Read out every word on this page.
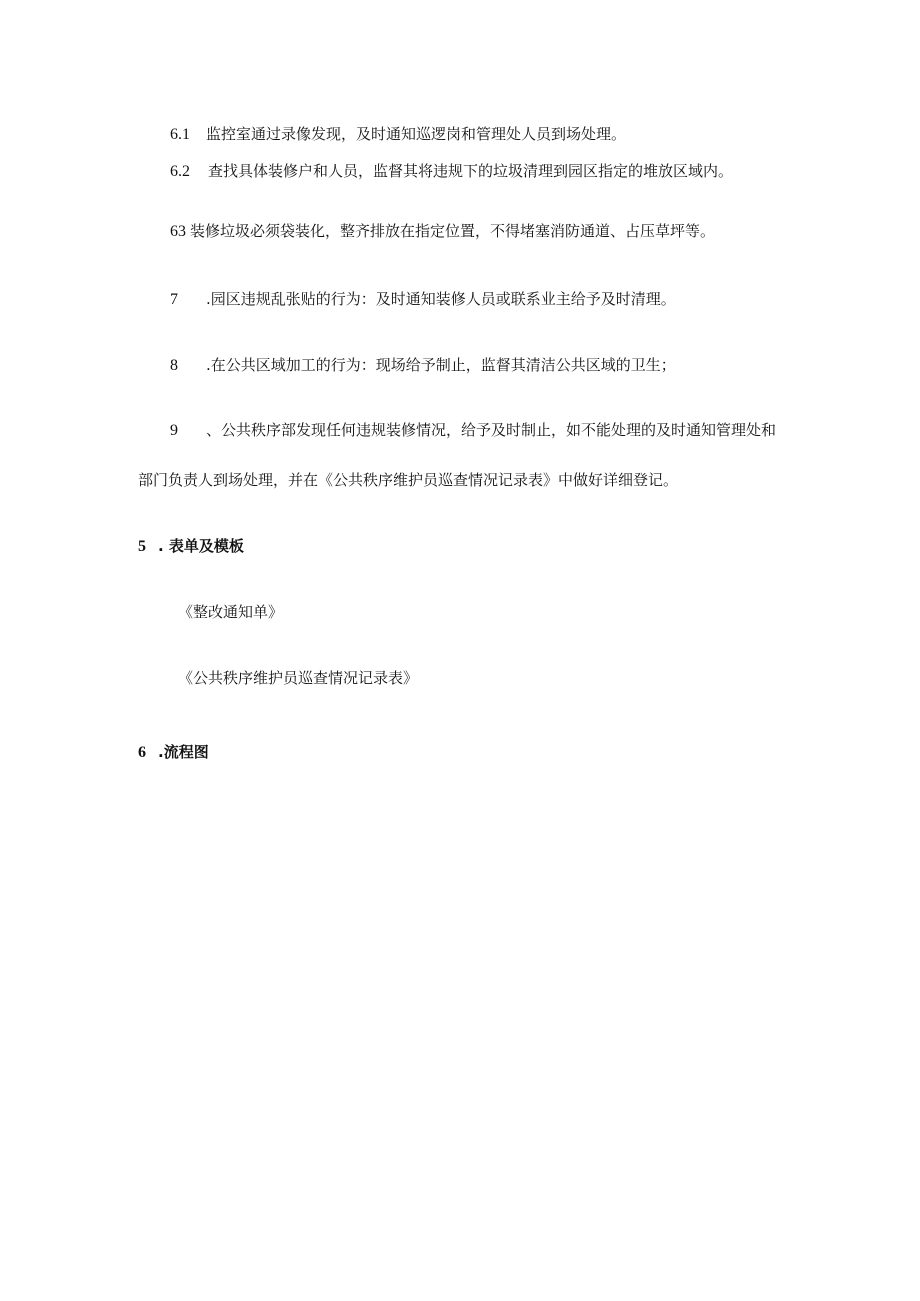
6.1 监控室通过录像发现，及时通知巡逻岗和管理处人员到场处理。
6.2 查找具体装修户和人员，监督其将违规下的垃圾清理到园区指定的堆放区域内。
63 装修垃圾必须袋装化，整齐排放在指定位置，不得堵塞消防通道、占压草坪等。
7 .园区违规乱张贴的行为：及时通知装修人员或联系业主给予及时清理。
8 .在公共区域加工的行为：现场给予制止，监督其清洁公共区域的卫生；
9 、公共秩序部发现任何违规装修情况，给予及时制止，如不能处理的及时通知管理处和
部门负责人到场处理，并在《公共秩序维护员巡查情况记录表》中做好详细登记。
5 . 表单及模板
《整改通知单》
《公共秩序维护员巡查情况记录表》
6 .流程图
